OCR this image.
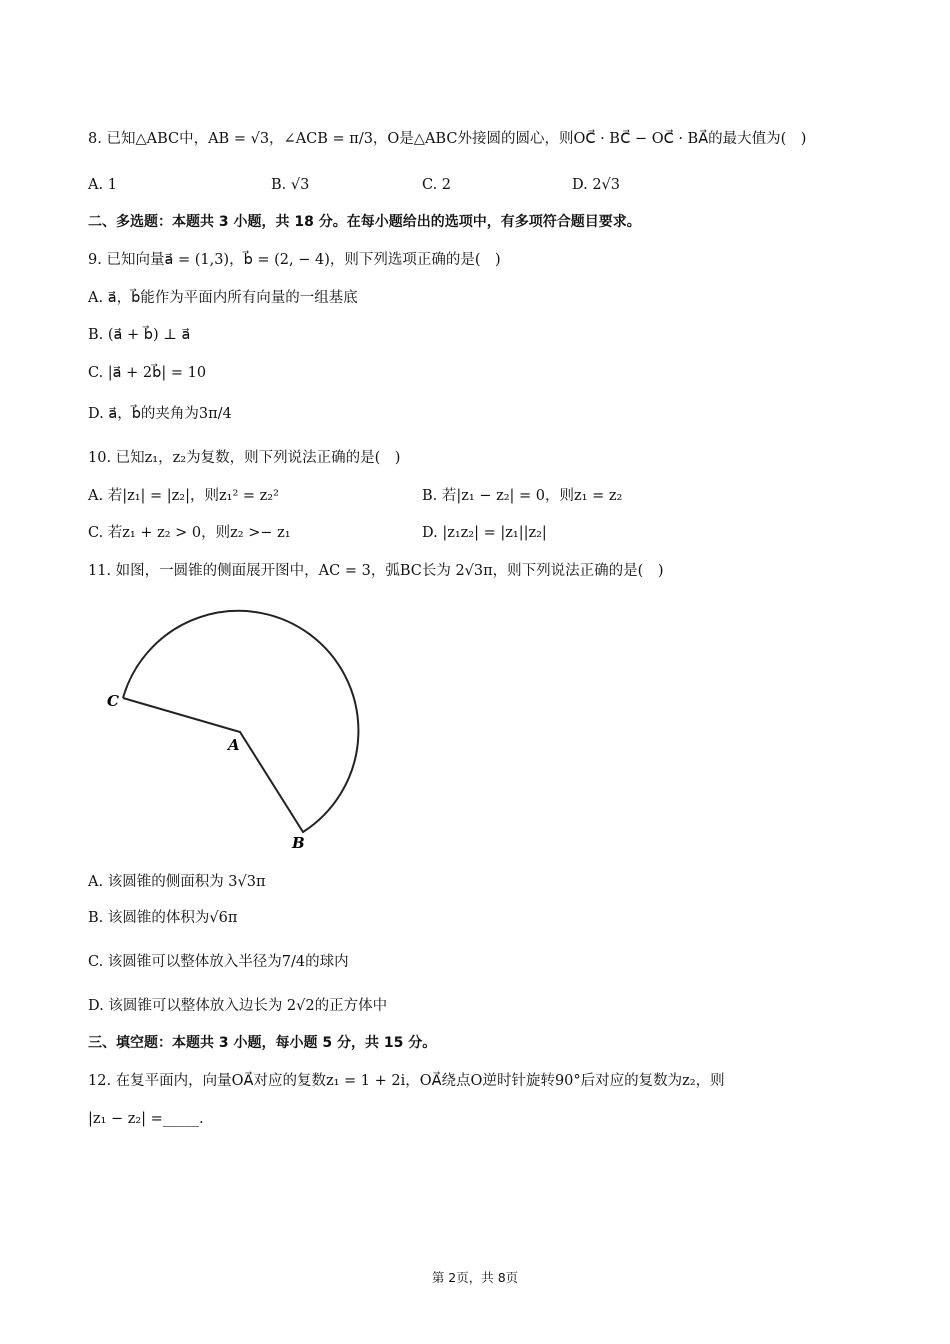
8. 已知△ABC中，AB = √3，∠ACB = π/3，O是△ABC外接圆的圆心，则OC⃗ · BC⃗ − OC⃗ · BA⃗的最大值为(　)
A. 1	B. √3	C. 2	D. 2√3
二、多选题：本题共 3 小题，共 18 分。在每小题给出的选项中，有多项符合题目要求。
9. 已知向量a⃗ = (1,3)，b⃗ = (2, − 4)，则下列选项正确的是(　)
A. a⃗，b⃗能作为平面内所有向量的一组基底
B. (a⃗ + b⃗) ⊥ a⃗
C. |a⃗ + 2b⃗| = 10
D. a⃗，b⃗的夹角为3π/4
10. 已知z₁，z₂为复数，则下列说法正确的是(　)
A. 若|z₁| = |z₂|，则z₁² = z₂²	B. 若|z₁ − z₂| = 0，则z₁ = z₂
C. 若z₁ + z₂ > 0，则z₂ >− z₁	D. |z₁z₂| = |z₁||z₂|
11. 如图，一圆锥的侧面展开图中，AC = 3，弧BC长为 2√3π，则下列说法正确的是(　)
C
A
B
A. 该圆锥的侧面积为 3√3π
B. 该圆锥的体积为√6π
C. 该圆锥可以整体放入半径为7/4的球内
D. 该圆锥可以整体放入边长为 2√2的正方体中
三、填空题：本题共 3 小题，每小题 5 分，共 15 分。
12. 在复平面内，向量OA⃗对应的复数z₁ = 1 + 2i，OA⃗绕点O逆时针旋转90°后对应的复数为z₂，则
|z₁ − z₂| =_____.
第 2页，共 8页
